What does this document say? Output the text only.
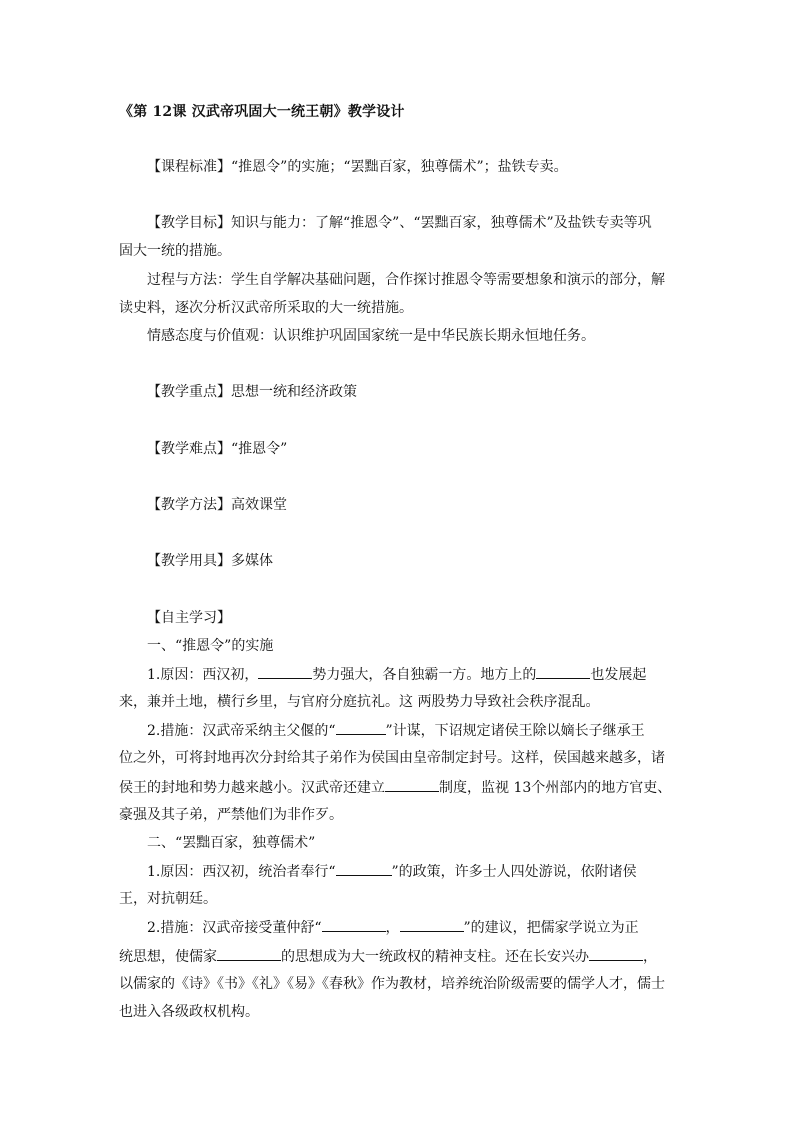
《第 12课 汉武帝巩固大一统王朝》教学设计
【课程标准】“推恩令”的实施；“罢黜百家，独尊儒术”；盐铁专卖。
【教学目标】知识与能力：了解“推恩令”、“罢黜百家，独尊儒术”及盐铁专卖等巩
固大一统的措施。
过程与方法：学生自学解决基础问题，合作探讨推恩令等需要想象和演示的部分，解
读史料，逐次分析汉武帝所采取的大一统措施。
情感态度与价值观：认识维护巩固国家统一是中华民族长期永恒地任务。
【教学重点】思想一统和经济政策
【教学难点】“推恩令”
【教学方法】高效课堂
【教学用具】多媒体
【自主学习】
一、“推恩令”的实施
1.原因：西汉初，	势力强大，各自独霸一方。地方上的	也发展起
来，兼并土地，横行乡里，与官府分庭抗礼。这 两股势力导致社会秩序混乱。
2.措施：汉武帝采纳主父偃的“	”计谋，下诏规定诸侯王除以嫡长子继承王
位之外，可将封地再次分封给其子弟作为侯国由皇帝制定封号。这样，侯国越来越多，诸
侯王的封地和势力越来越小。汉武帝还建立	制度，监视 13个州部内的地方官吏、
豪强及其子弟，严禁他们为非作歹。
二、“罢黜百家，独尊儒术”
1.原因：西汉初，统治者奉行“	”的政策，许多士人四处游说，依附诸侯
王，对抗朝廷。
2.措施：汉武帝接受董仲舒“	，	”的建议，把儒家学说立为正
统思想，使儒家	的思想成为大一统政权的精神支柱。还在长安兴办	，
以儒家的《诗》《书》《礼》《易》《春秋》作为教材，培养统治阶级需要的儒学人才，儒士
也进入各级政权机构。
